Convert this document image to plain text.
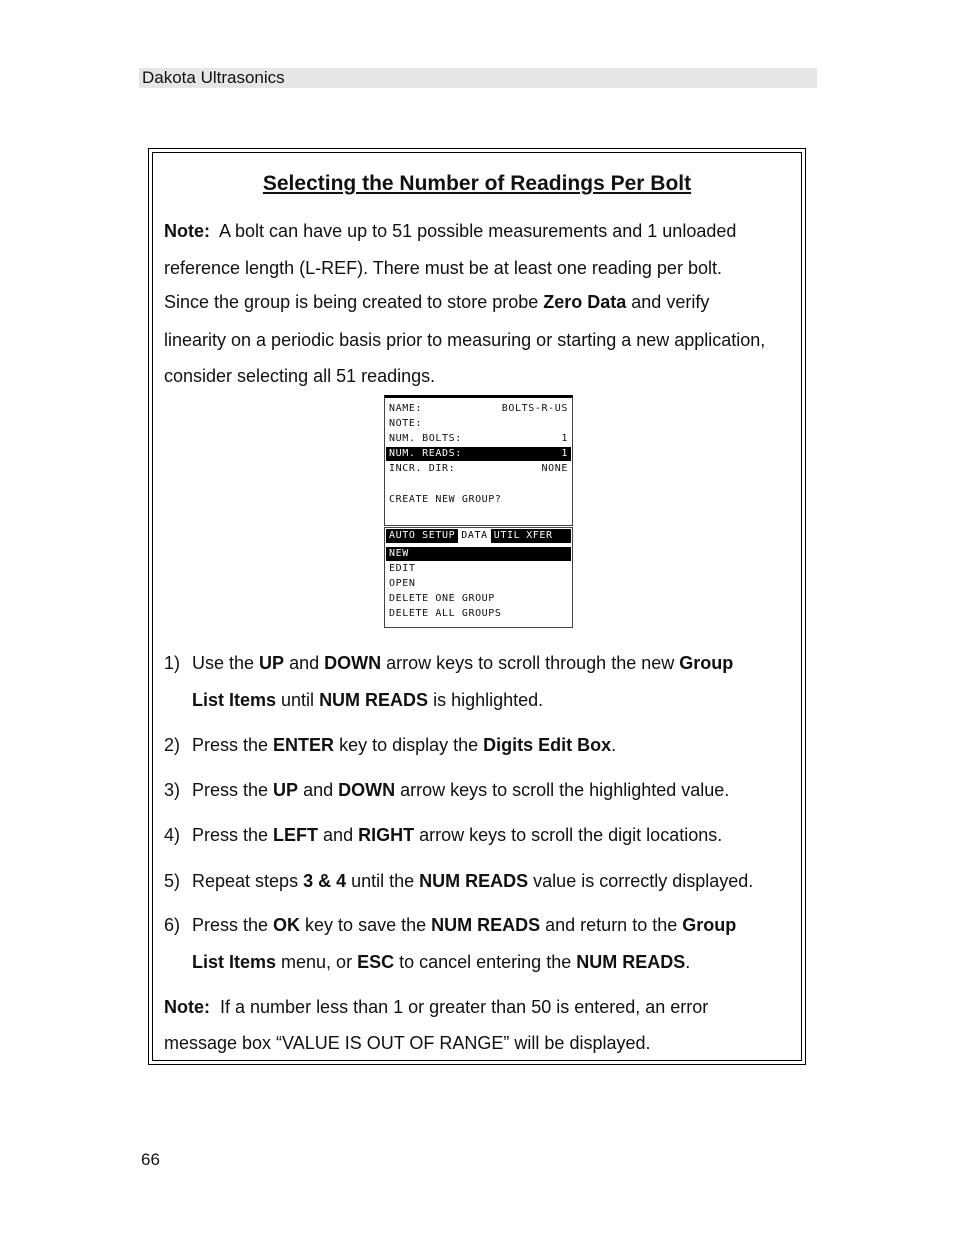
Dakota Ultrasonics
Selecting the Number of Readings Per Bolt
Note: A bolt can have up to 51 possible measurements and 1 unloaded
reference length (L-REF). There must be at least one reading per bolt.
Since the group is being created to store probe Zero Data and verify
linearity on a periodic basis prior to measuring or starting a new application,
consider selecting all 51 readings.
NAME:	BOLTS-R-US
NOTE:
NUM. BOLTS:	1
NUM. READS:	1
INCR. DIR:	NONE
CREATE NEW GROUP?
AUTO SETUP DATA UTIL XFER
NEW
EDIT
OPEN
DELETE ONE GROUP
DELETE ALL GROUPS
1) Use the UP and DOWN arrow keys to scroll through the new Group
List Items until NUM READS is highlighted.
2) Press the ENTER key to display the Digits Edit Box.
3) Press the UP and DOWN arrow keys to scroll the highlighted value.
4) Press the LEFT and RIGHT arrow keys to scroll the digit locations.
5) Repeat steps 3 & 4 until the NUM READS value is correctly displayed.
6) Press the OK key to save the NUM READS and return to the Group
List Items menu, or ESC to cancel entering the NUM READS.
Note: If a number less than 1 or greater than 50 is entered, an error
message box “VALUE IS OUT OF RANGE” will be displayed.
66
